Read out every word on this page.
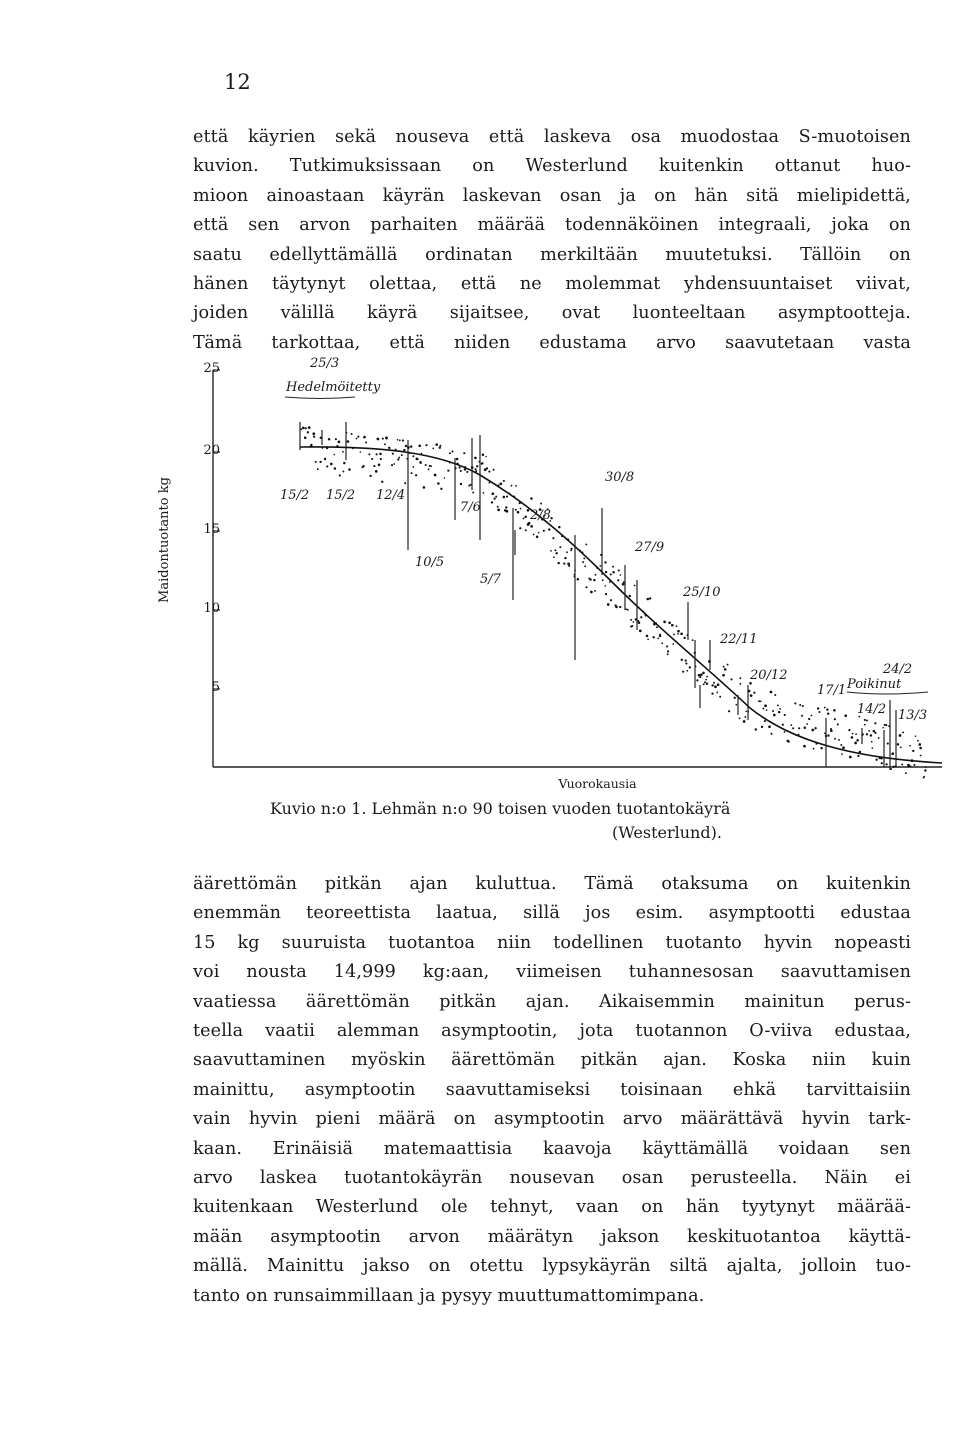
12
että käyrien sekä nouseva että laskeva osa muodostaa S-muotoisen
kuvion. Tutkimuksissaan on Westerlund kuitenkin ottanut huo-
mioon ainoastaan käyrän laskevan osan ja on hän sitä mielipidettä,
että sen arvon parhaiten määrää todennäköinen integraali, joka on
saatu edellyttämällä ordinatan merkiltään muutetuksi. Tällöin on
hänen täytynyt olettaa, että ne molemmat yhdensuuntaiset viivat,
joiden välillä käyrä sijaitsee, ovat luonteeltaan asymptootteja.
Tämä tarkottaa, että niiden edustama arvo saavutetaan vasta
25
20
15
10
5
Maidontuotanto kg
25/3
Hedelmöitetty
15/2 15/2 12/4
10/5
7/6
5/7
2/8
30/8
27/9
25/10
22/11
20/12
17/1
14/2 13/3
24/2
Poikinut
Vuorokausia
Kuvio n:o 1. Lehmän n:o 90 toisen vuoden tuotantokäyrä
(Westerlund).
äärettömän pitkän ajan kuluttua. Tämä otaksuma on kuitenkin
enemmän teoreettista laatua, sillä jos esim. asymptootti edustaa
15 kg suuruista tuotantoa niin todellinen tuotanto hyvin nopeasti
voi nousta 14,999 kg:aan, viimeisen tuhannesosan saavuttamisen
vaatiessa äärettömän pitkän ajan. Aikaisemmin mainitun perus-
teella vaatii alemman asymptootin, jota tuotannon O-viiva edustaa,
saavuttaminen myöskin äärettömän pitkän ajan. Koska niin kuin
mainittu, asymptootin saavuttamiseksi toisinaan ehkä tarvittaisiin
vain hyvin pieni määrä on asymptootin arvo määrättävä hyvin tark-
kaan. Erinäisiä matemaattisia kaavoja käyttämällä voidaan sen
arvo laskea tuotantokäyrän nousevan osan perusteella. Näin ei
kuitenkaan Westerlund ole tehnyt, vaan on hän tyytynyt määrää-
mään asymptootin arvon määrätyn jakson keskituotantoa käyttä-
mällä. Mainittu jakso on otettu lypsykäyrän siltä ajalta, jolloin tuo-
tanto on runsaimmillaan ja pysyy muuttumattomimpana.
